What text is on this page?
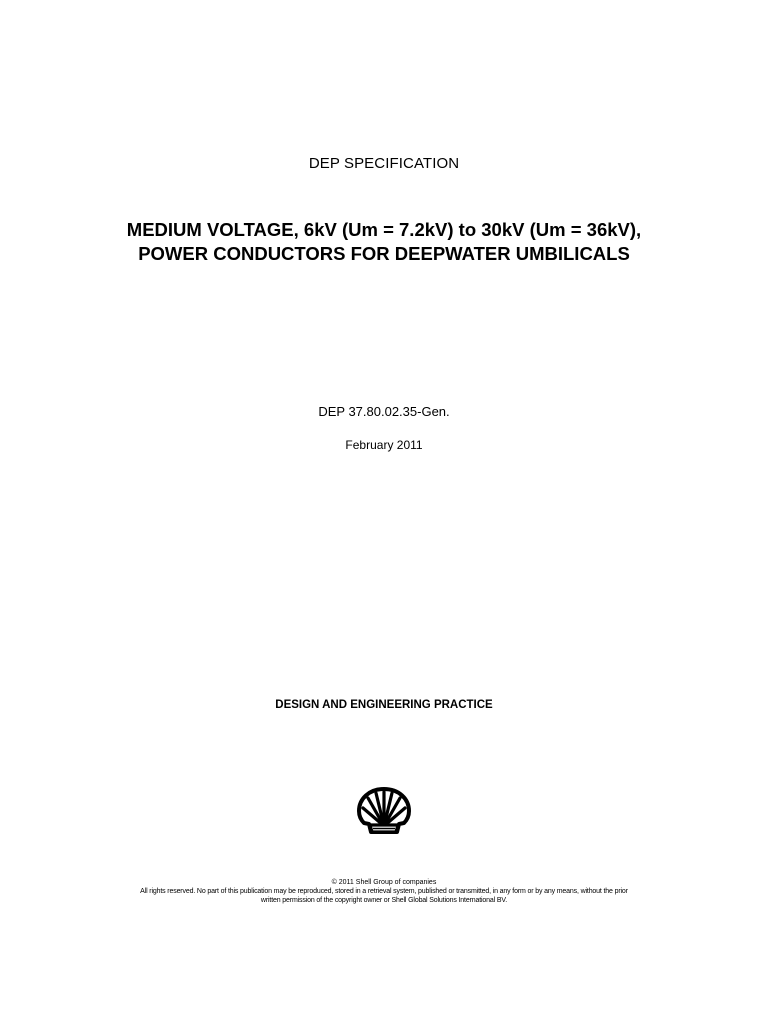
DEP SPECIFICATION
MEDIUM VOLTAGE, 6kV (Um = 7.2kV) to 30kV (Um = 36kV),
POWER CONDUCTORS FOR DEEPWATER UMBILICALS
DEP 37.80.02.35-Gen.
February 2011
DESIGN AND ENGINEERING PRACTICE
© 2011 Shell Group of companies
All rights reserved. No part of this publication may be reproduced, stored in a retrieval system, published or transmitted, in any form or by any means, without the prior
written permission of the copyright owner or Shell Global Solutions International BV.
